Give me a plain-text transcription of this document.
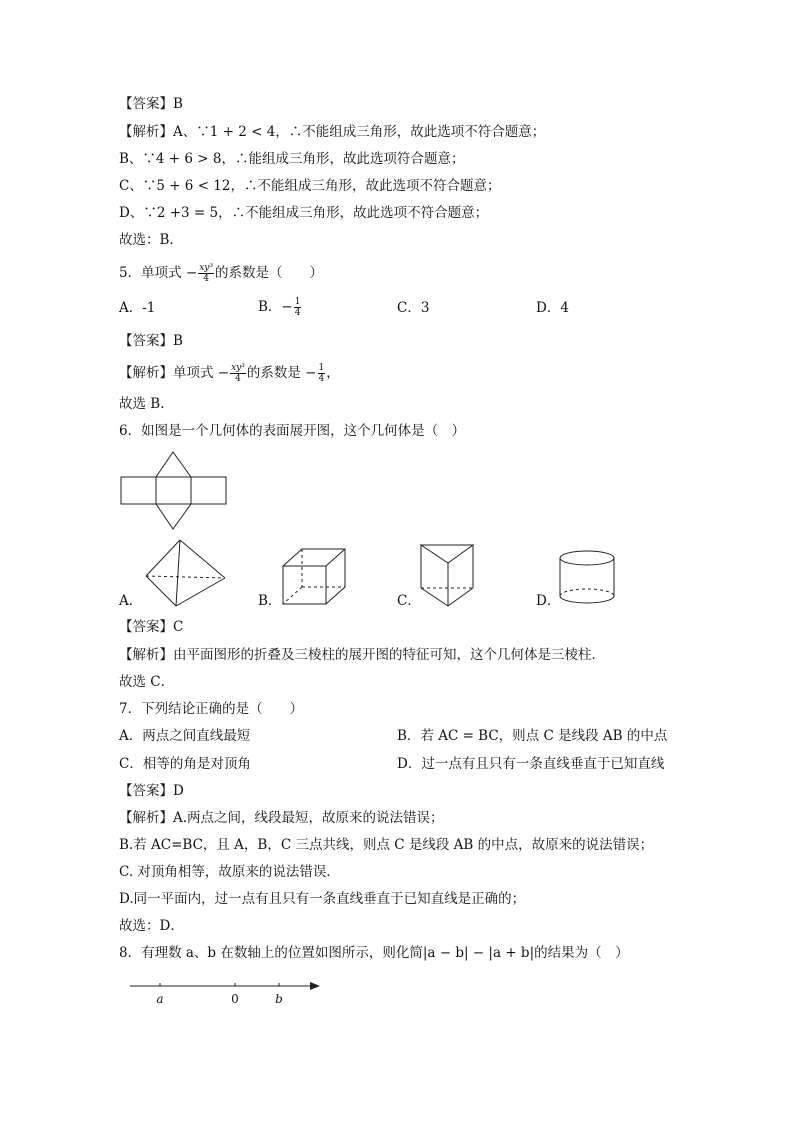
【答案】B
【解析】A、∵1 + 2 < 4，∴不能组成三角形，故此选项不符合题意；
B、∵4 + 6 > 8，∴能组成三角形，故此选项符合题意；
C、∵5 + 6 < 12，∴不能组成三角形，故此选项不符合题意；
D、∵2 +3 = 5，∴不能组成三角形，故此选项不符合题意；
故选：B．
5．单项式 − $\frac{\text{xy³}}{4}$ 的系数是（　　）
A．-1	B．− $\frac{1}{4}$	C．3	D．4
【答案】B
【解析】单项式 − $\frac{\text{xy³}}{4}$ 的系数是 − $\frac{1}{4}$ ，
故选 B.
6．如图是一个几何体的表面展开图，这个几何体是（　）
a	0	b
A．	B．	C．	D．
【答案】C
【解析】由平面图形的折叠及三棱柱的展开图的特征可知，这个几何体是三棱柱．
故选 C．
7．下列结论正确的是（　　）
A．两点之间直线最短	B．若 AC = BC，则点 C 是线段 AB 的中点
C．相等的角是对顶角	D．过一点有且只有一条直线垂直于已知直线
【答案】D
【解析】A.两点之间，线段最短，故原来的说法错误；
B.若 AC=BC，且 A，B，C 三点共线，则点 C 是线段 AB 的中点，故原来的说法错误；
C. 对顶角相等，故原来的说法错误．
D.同一平面内，过一点有且只有一条直线垂直于已知直线是正确的；
故选：D．
8．有理数 a、b 在数轴上的位置如图所示，则化简|a − b| − |a + b|的结果为（　）
